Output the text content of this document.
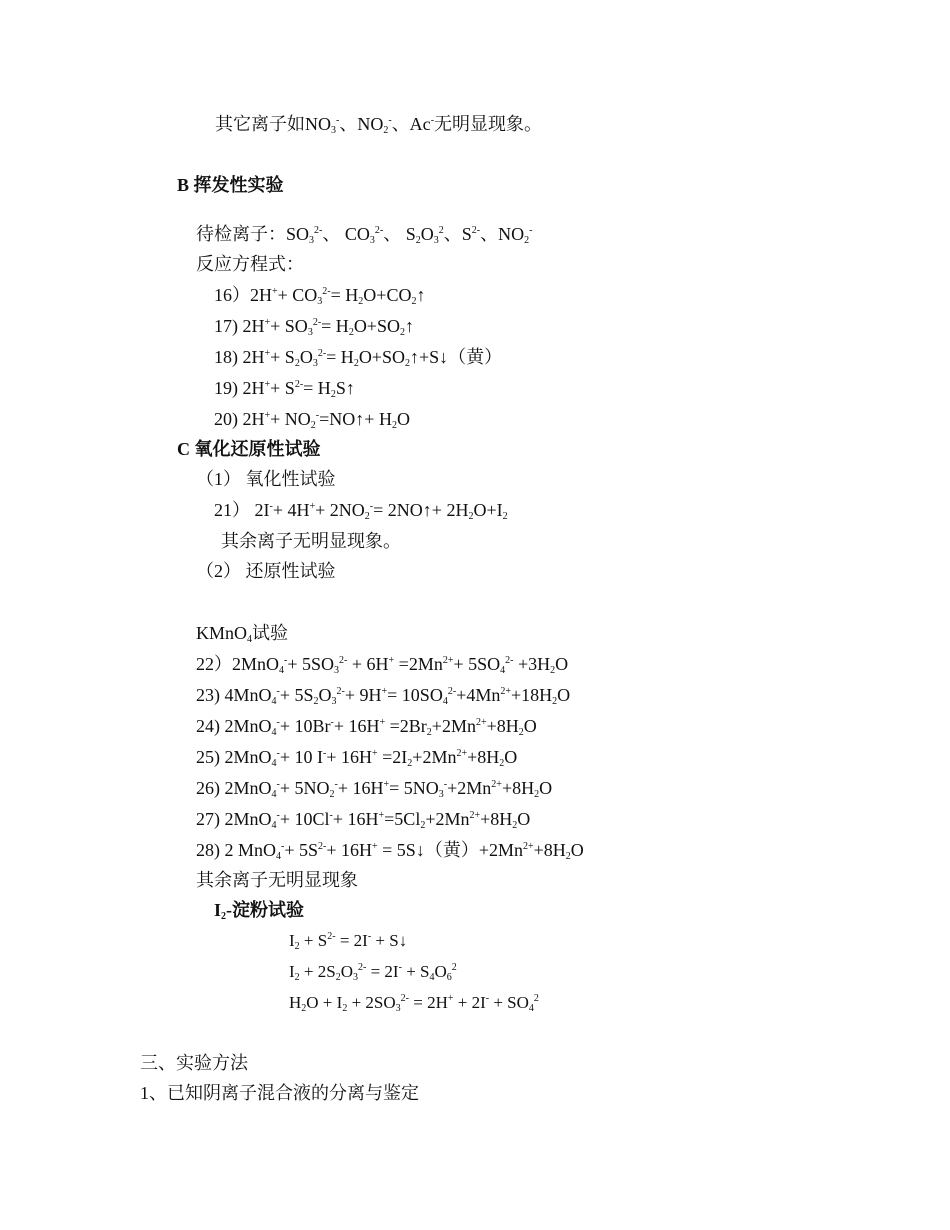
其它离子如$NO_3^-$、$NO_2^-$、Ac-无明显现象。
B 挥发性实验
待检离子：$SO_3^{2-}$、 $CO_3^{2-}$、 $S_2O_3^2$、$S^{2-}$、$NO_2^-$
反应方程式：
$16)2H^++ CO_3^{2-}=$ $H_2O+CO_2↑$
17) $2H^++ SO_3^{2-}=$ $H_2O+SO_2↑$
18) $2H^++ S_2O_3^{2-}=$ $H_2O+SO_2↑+S↓$（黄）
19) $2H^++ S^{2-}=$ $H_2S↑$
20) $2H^++ NO_2^-=NO↑+ H_2O$
C 氧化还原性试验
（1） 氧化性试验
21） $2I^-+ 4H^++ 2NO_2^-=$ 2NO↑+ $2H_2O+I_2$
其余离子无明显现象。
（2） 还原性试验
KMnO$_4$试验
$22)2MnO_4^-+ 5SO_3^{2-} + 6H^+ =2Mn^{2+}+ 5SO_4^{2-} +3H_2O$
23) $4MnO_4^-+ 5S_2O_3^{2-}+ 9H^+= 10SO_4^{2-}+4Mn^{2+}+18H_2O$
24) $2MnO_4^-+ 10Br^-+ 16H^+ =2Br_2+2Mn^{2+}+8H_2O$
25) 2MnO$_4$-+ 10 $I^-+ 16H^+ =2I_2+2Mn^{2+}+8H_2O$
26) $2MnO_4^-+ 5NO_2^-+ 16H^+= 5NO_3^-+2Mn^{2+}+8H_2O$
27) $2MnO_4^-+ 10Cl^-+ 16H^+=5Cl_2+2Mn^{2+}+8H_2O$
28) 2 $MnO_4^-+ 5S^{2-}+ 16H^+$ = 5S↓（黄）$+2Mn^{2+}+8H_2O$
其余离子无明显现象
$I_2-$淀粉试验
$I_2 + S^{2-} = 2I^-$ + S↓
$I_2 + 2S_2O_3^{2-} = 2I^- + S_4O_6^2$
$H_2O + I_2 + 2SO_3^{2-} = 2H^+ + 2I^- + SO_4^2$
三、实验方法
1、已知阴离子混合液的分离与鉴定
